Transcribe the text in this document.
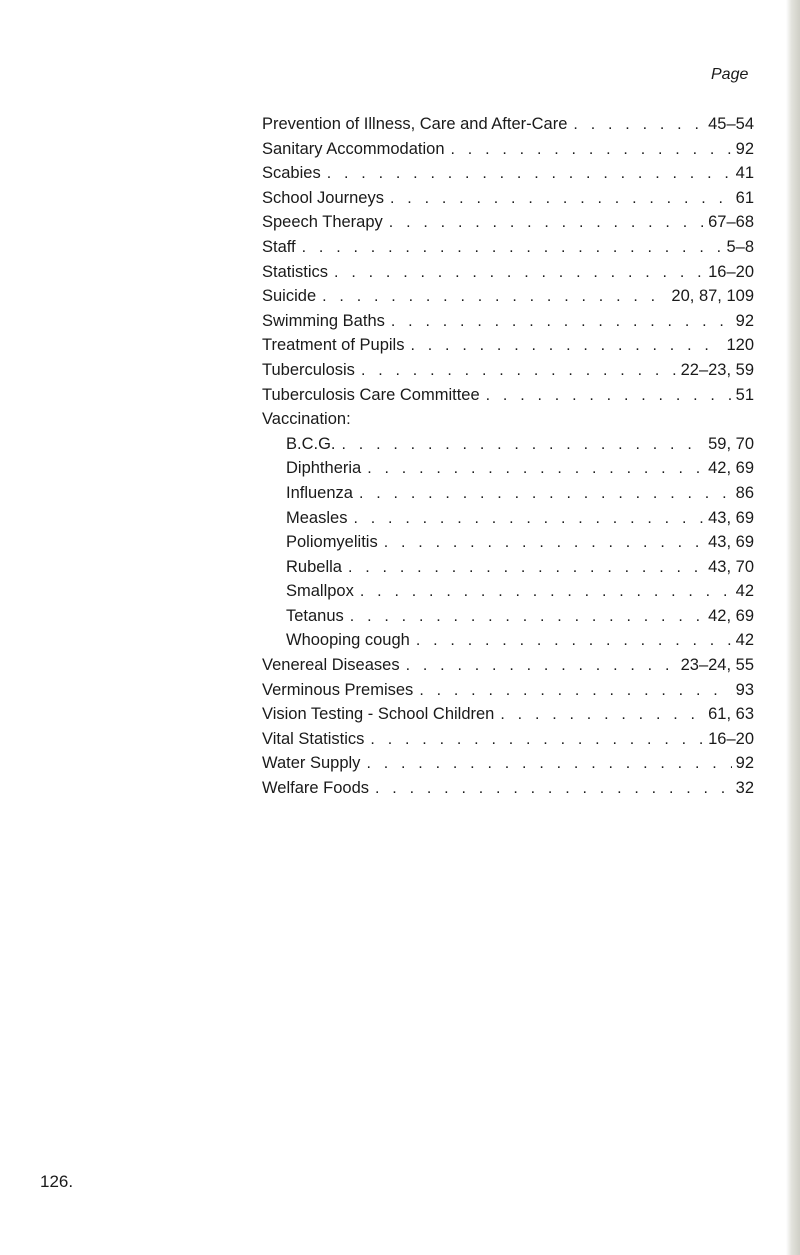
Page
Prevention of Illness, Care and After-Care . . .	45–54
Sanitary Accommodation . . .	92
Scabies . . .	41
School Journeys . . .	61
Speech Therapy . . .	67–68
Staff . . .	5–8
Statistics . . .	16–20
Suicide . . .	20, 87, 109
Swimming Baths . . .	92
Treatment of Pupils . . .	120
Tuberculosis . . .	22–23, 59
Tuberculosis Care Committee . . .	51
Vaccination:
B.C.G. . . .	59, 70
Diphtheria . . .	42, 69
Influenza . . .	86
Measles . . .	43, 69
Poliomyelitis . . .	43, 69
Rubella . . .	43, 70
Smallpox . . .	42
Tetanus . . .	42, 69
Whooping cough . . .	42
Venereal Diseases . . .	23–24, 55
Verminous Premises . . .	93
Vision Testing - School Children . . .	61, 63
Vital Statistics . . .	16–20
Water Supply . . .	92
Welfare Foods . . .	32
126.
